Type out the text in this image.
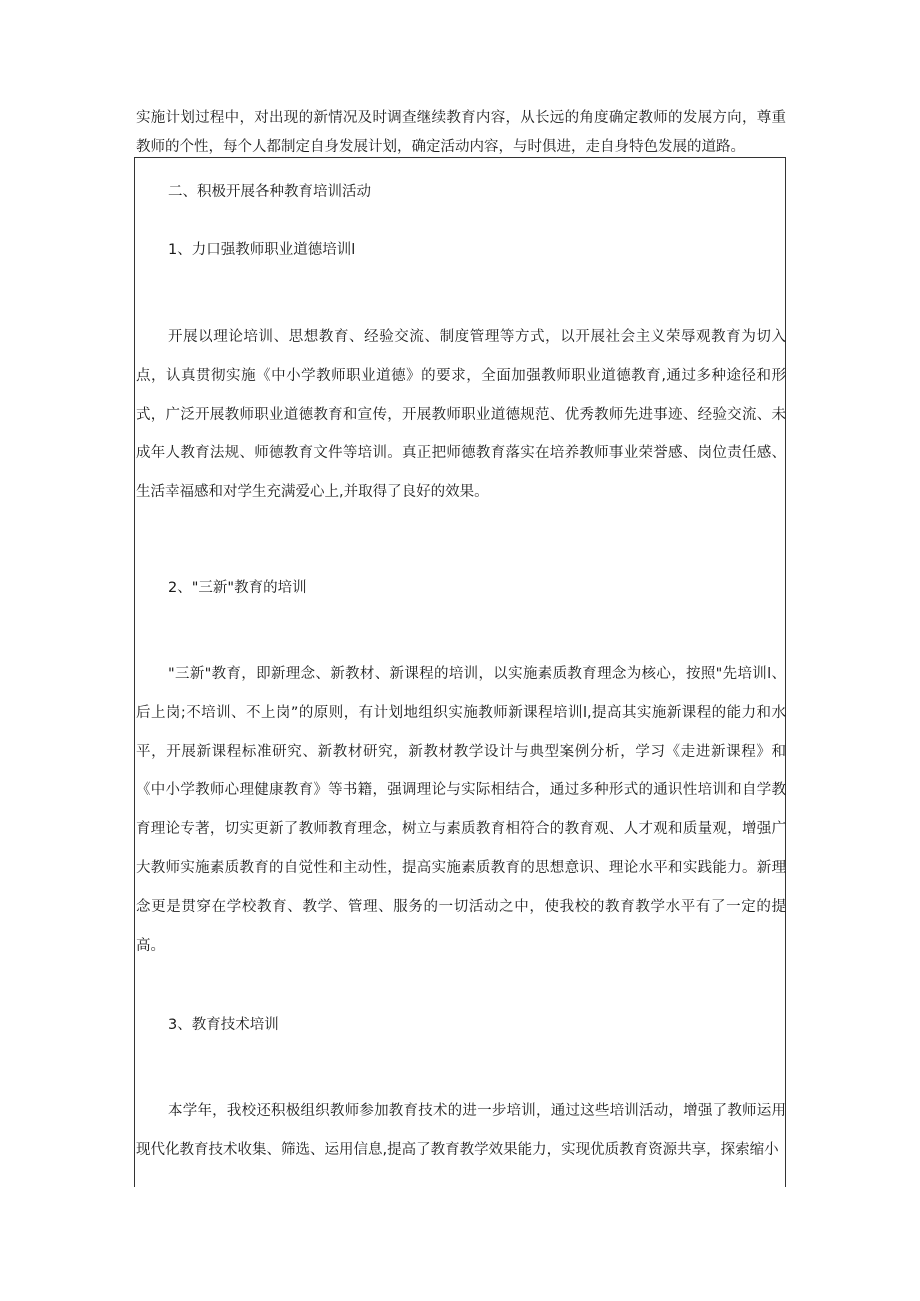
实施计划过程中，对出现的新情况及时调查继续教育内容，从长远的角度确定教师的发展方向，尊重教师的个性，每个人都制定自身发展计划，确定活动内容，与时俱进，走自身特色发展的道路。

二、积极开展各种教育培训活动
1、力口强教师职业道德培训l

开展以理论培训、思想教育、经验交流、制度管理等方式，以开展社会主义荣辱观教育为切入点，认真贯彻实施《中小学教师职业道德》的要求，全面加强教师职业道德教育,通过多种途径和形式，广泛开展教师职业道德教育和宣传，开展教师职业道德规范、优秀教师先进事迹、经验交流、未成年人教育法规、师德教育文件等培训。真正把师德教育落实在培养教师事业荣誉感、岗位责任感、生活幸福感和对学生充满爱心上,并取得了良好的效果。

2、"三新"教育的培训

"三新"教育，即新理念、新教材、新课程的培训，以实施素质教育理念为核心，按照"先培训l、后上岗;不培训、不上岗”的原则，有计划地组织实施教师新课程培训l,提高其实施新课程的能力和水平，开展新课程标准研究、新教材研究，新教材教学设计与典型案例分析，学习《走进新课程》和《中小学教师心理健康教育》等书籍，强调理论与实际相结合，通过多种形式的通识性培训和自学教育理论专著，切实更新了教师教育理念，树立与素质教育相符合的教育观、人才观和质量观，增强广大教师实施素质教育的自觉性和主动性，提高实施素质教育的思想意识、理论水平和实践能力。新理念更是贯穿在学校教育、教学、管理、服务的一切活动之中，使我校的教育教学水平有了一定的提高。

3、教育技术培训

本学年，我校还积极组织教师参加教育技术的进一步培训，通过这些培训活动，增强了教师运用现代化教育技术收集、筛选、运用信息,提高了教育教学效果能力，实现优质教育资源共享，探索缩小
